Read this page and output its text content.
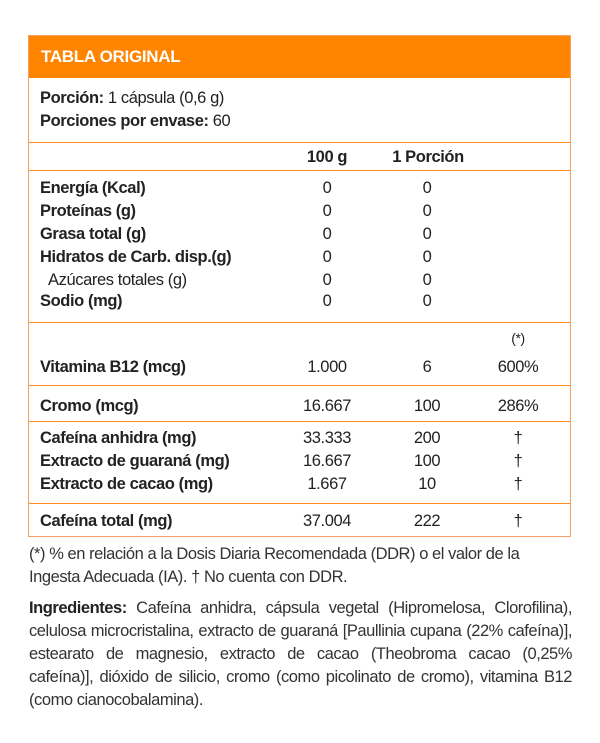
TABLA ORIGINAL
Porción: 1 cápsula (0,6 g)
Porciones por envase: 60
100 g	1 Porción
Energía (Kcal)	0	0
Proteínas (g)	0	0
Grasa total (g)	0	0
Hidratos de Carb. disp.(g)	0	0
Azúcares totales (g)	0	0
Sodio (mg)	0	0
(*)
Vitamina B12 (mcg)	1.000	6	600%
Cromo (mcg)	16.667	100	286%
Cafeína anhidra (mg)	33.333	200	†
Extracto de guaraná (mg)	16.667	100	†
Extracto de cacao (mg)	1.667	10	†
Cafeína total (mg)	37.004	222	†
(*) % en relación a la Dosis Diaria Recomendada (DDR) o el valor de la Ingesta Adecuada (IA). † No cuenta con DDR.
Ingredientes: Cafeína anhidra, cápsula vegetal (Hipromelosa, Clorofilina), celulosa microcristalina, extracto de guaraná [Paullinia cupana (22% cafeína)], estearato de magnesio, extracto de cacao (Theobroma cacao (0,25% cafeína)], dióxido de silicio, cromo (como picolinato de cromo), vitamina B12 (como cianocobalamina).
